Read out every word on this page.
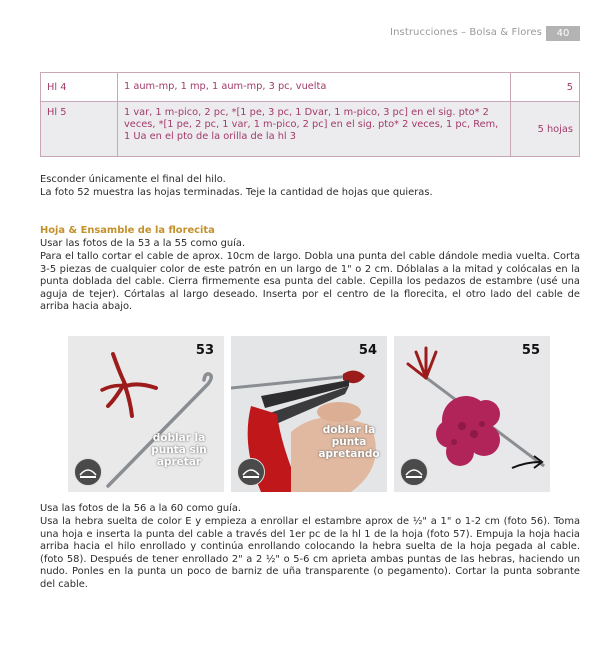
Instrucciones – Bolsa & Flores	40
Hl 4	1 aum-mp, 1 mp, 1 aum-mp, 3 pc, vuelta	5
Hl 5	1 var, 1 m-pico, 2 pc, *[1 pe, 3 pc, 1 Dvar, 1 m-pico, 3 pc] en el sig. pto* 2 veces, *[1 pe, 2 pc, 1 var, 1 m-pico, 2 pc] en el sig. pto* 2 veces, 1 pc, Rem, 1 Ua en el pto de la orilla de la hl 3	5 hojas

Esconder únicamente el final del hilo.

La foto 52 muestra las hojas terminadas. Teje la cantidad de hojas que quieras.

Hoja & Ensamble de la florecita

Usar las fotos de la 53 a la 55 como guía.

Para el tallo cortar el cable de aprox. 10cm de largo. Dobla una punta del cable dándole media vuelta. Corta 3-5 piezas de cualquier color de este patrón en un largo de 1" o 2 cm. Dóblalas a la mitad y colócalas en la punta doblada del cable. Cierra firmemente esa punta del cable. Cepilla los pedazos de estambre (usé una aguja de tejer). Córtalas al largo deseado. Inserta por el centro de la florecita, el otro lado del cable de arriba hacia abajo.

53
doblar la
punta sin
apretar
54
doblar la
punta
apretando
55

Usa las fotos de la 56 a la 60 como guía.

Usa la hebra suelta de color E y empieza a enrollar el estambre aprox de ½" a 1" o 1-2 cm (foto 56). Toma una hoja e inserta la punta del cable a través del 1er pc de la hl 1 de la hoja (foto 57). Empuja la hoja hacia arriba hacia el hilo enrollado y continúa enrollando colocando la hebra suelta de la hoja pegada al cable.(foto 58). Después de tener enrollado 2" a 2 ½" o 5-6 cm aprieta ambas puntas de las hebras, haciendo un nudo. Ponles en la punta un poco de barniz de uña transparente (o pegamento). Cortar la punta sobrante del cable.
